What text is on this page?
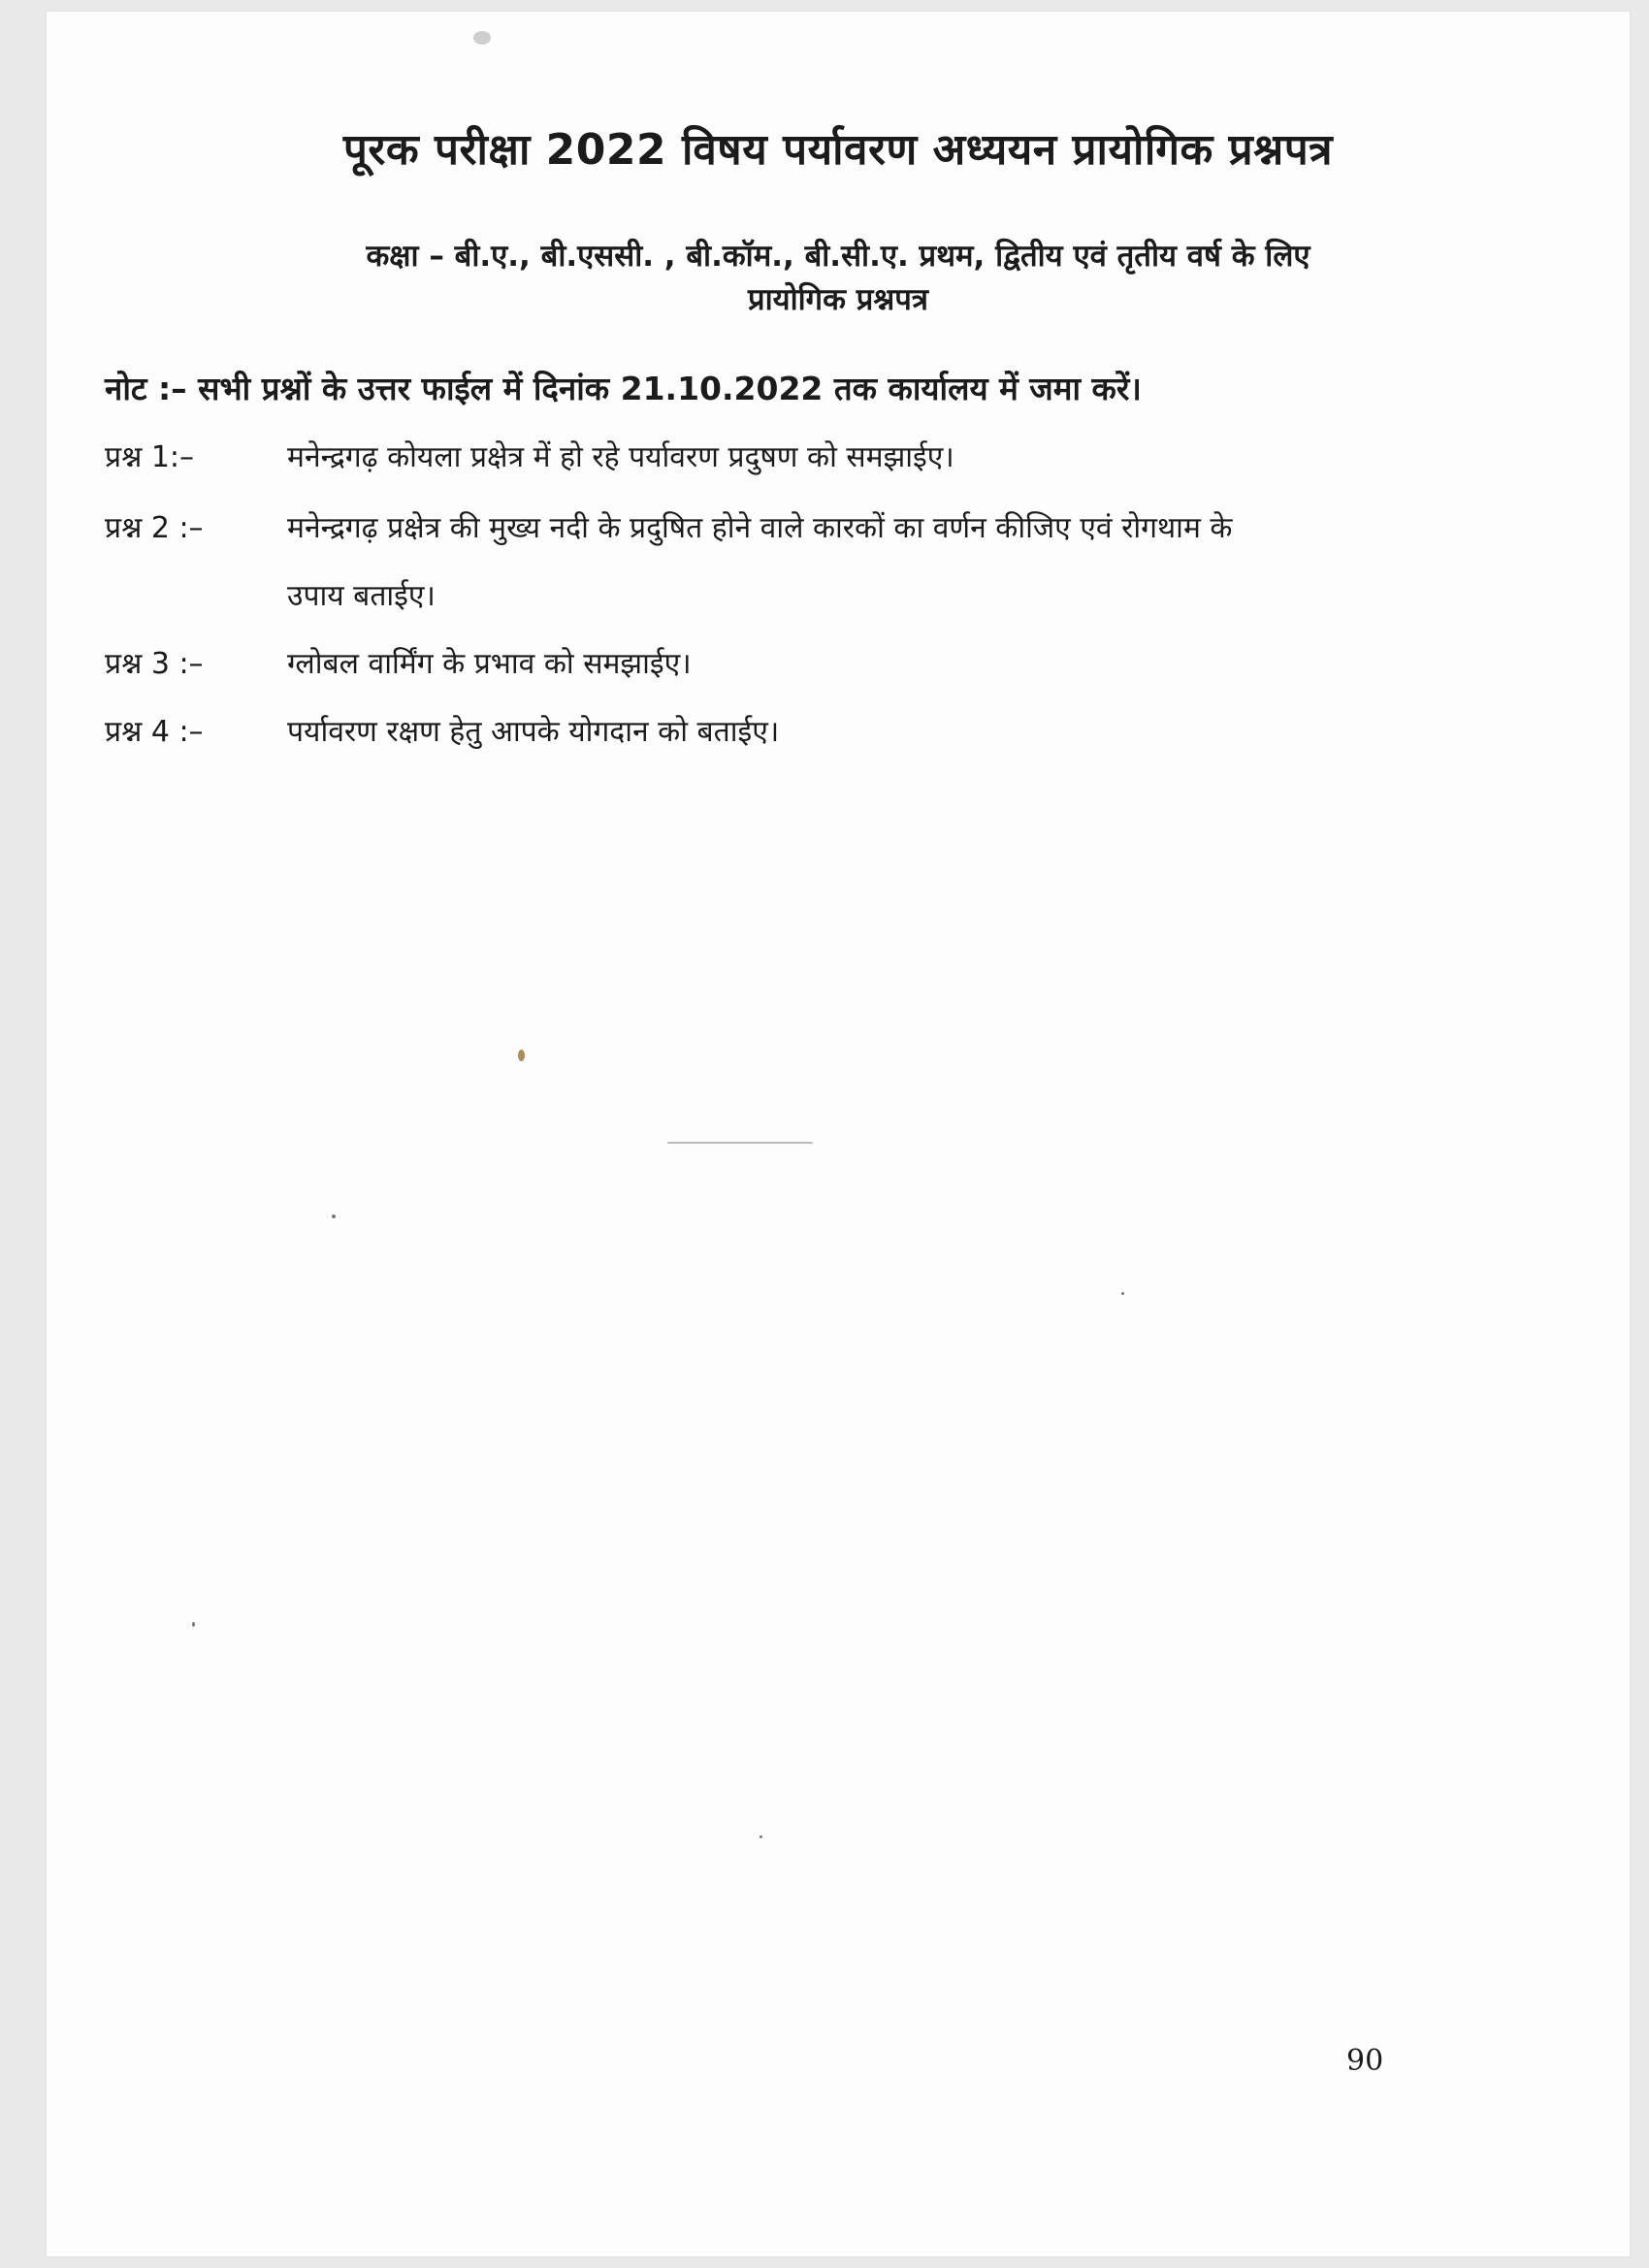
पूरक परीक्षा 2022 विषय पर्यावरण अध्ययन प्रायोगिक प्रश्नपत्र
कक्षा – बी.ए., बी.एससी. , बी.कॉम., बी.सी.ए. प्रथम, द्वितीय एवं तृतीय वर्ष के लिए
प्रायोगिक प्रश्नपत्र
नोट :– सभी प्रश्नों के उत्तर फाईल में दिनांक 21.10.2022 तक कार्यालय में जमा करें।
प्रश्न 1:–	मनेन्द्रगढ़ कोयला प्रक्षेत्र में हो रहे पर्यावरण प्रदुषण को समझाईए।
प्रश्न 2 :–	मनेन्द्रगढ़ प्रक्षेत्र की मुख्य नदी के प्रदुषित होने वाले कारकों का वर्णन कीजिए एवं रोगथाम के
उपाय बताईए।
प्रश्न 3 :–	ग्लोबल वार्मिंग के प्रभाव को समझाईए।
प्रश्न 4 :–	पर्यावरण रक्षण हेतु आपके योगदान को बताईए।
90
